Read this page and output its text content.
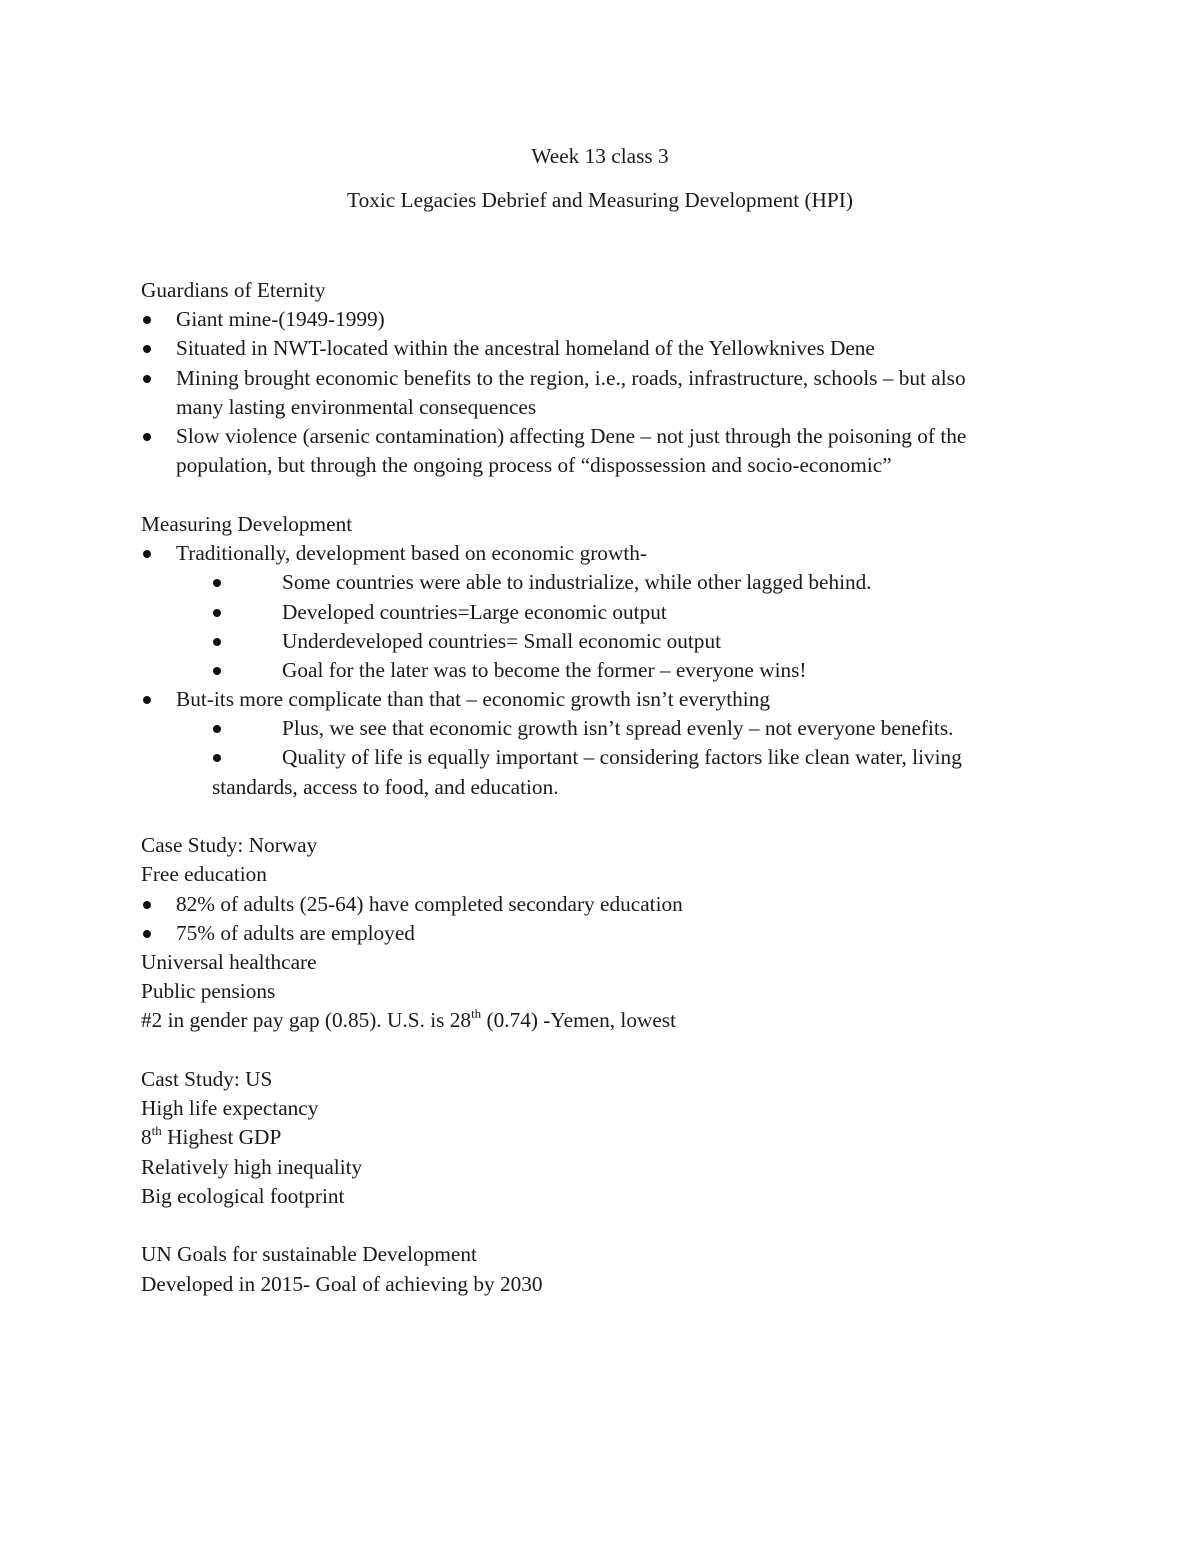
Week 13 class 3
Toxic Legacies Debrief and Measuring Development (HPI)
Guardians of Eternity
Giant mine-(1949-1999)
Situated in NWT-located within the ancestral homeland of the Yellowknives Dene
Mining brought economic benefits to the region, i.e., roads, infrastructure, schools – but also
many lasting environmental consequences
Slow violence (arsenic contamination) affecting Dene – not just through the poisoning of the
population, but through the ongoing process of “dispossession and socio-economic”
Measuring Development
Traditionally, development based on economic growth-
Some countries were able to industrialize, while other lagged behind.
Developed countries=Large economic output
Underdeveloped countries= Small economic output
Goal for the later was to become the former – everyone wins!
But-its more complicate than that – economic growth isn’t everything
Plus, we see that economic growth isn’t spread evenly – not everyone benefits.
Quality of life is equally important – considering factors like clean water, living
standards, access to food, and education.
Case Study: Norway
Free education
82% of adults (25-64) have completed secondary education
75% of adults are employed
Universal healthcare
Public pensions
#2 in gender pay gap (0.85). U.S. is 28th (0.74) -Yemen, lowest
Cast Study: US
High life expectancy
8th Highest GDP
Relatively high inequality
Big ecological footprint
UN Goals for sustainable Development
Developed in 2015- Goal of achieving by 2030
